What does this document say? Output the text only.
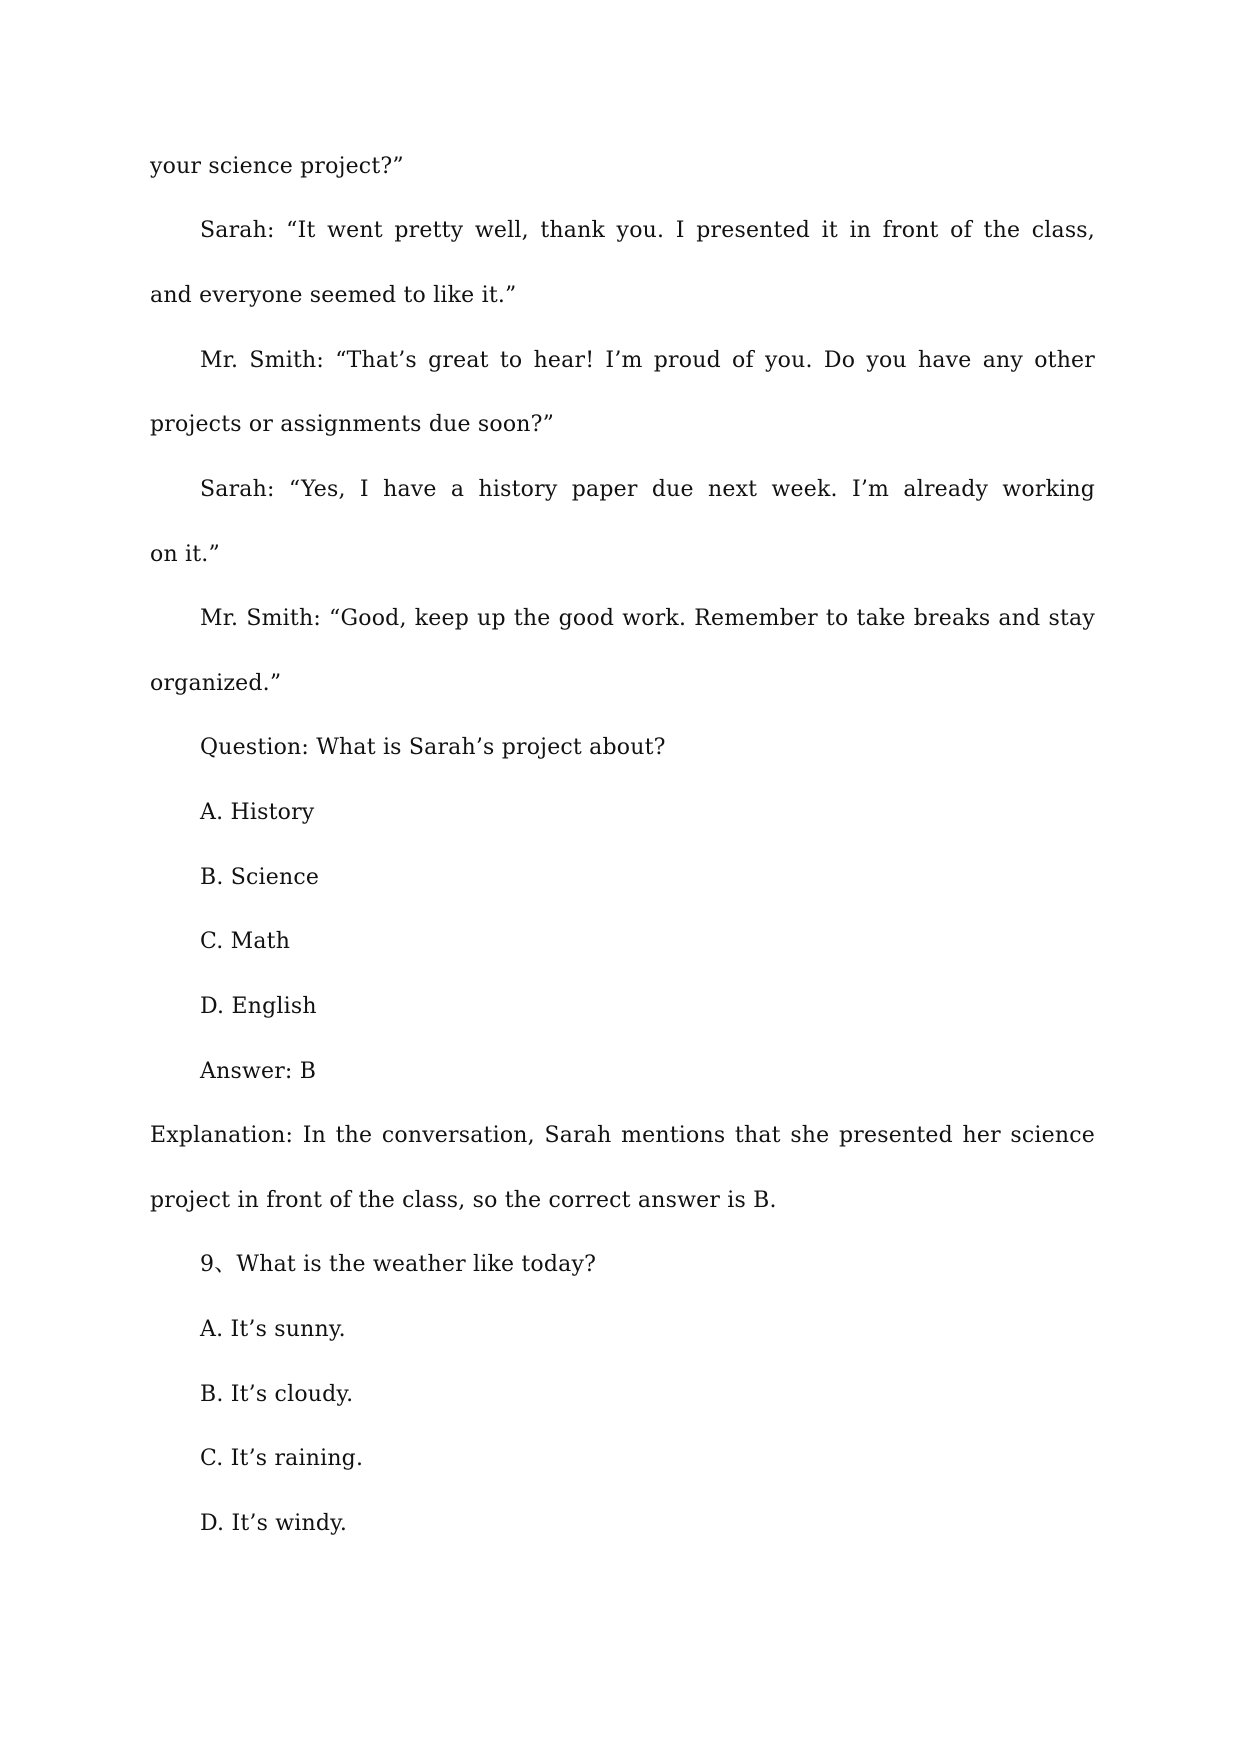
your science project?”
Sarah: “It went pretty well, thank you. I presented it in front of the class,
and everyone seemed to like it.”
Mr. Smith: “That’s great to hear! I’m proud of you. Do you have any other
projects or assignments due soon?”
Sarah: “Yes, I have a history paper due next week. I’m already working
on it.”
Mr. Smith: “Good, keep up the good work. Remember to take breaks and stay
organized.”
Question: What is Sarah’s project about?
A. History
B. Science
C. Math
D. English
Answer: B
Explanation: In the conversation, Sarah mentions that she presented her science
project in front of the class, so the correct answer is B.
9、What is the weather like today?
A. It’s sunny.
B. It’s cloudy.
C. It’s raining.
D. It’s windy.
